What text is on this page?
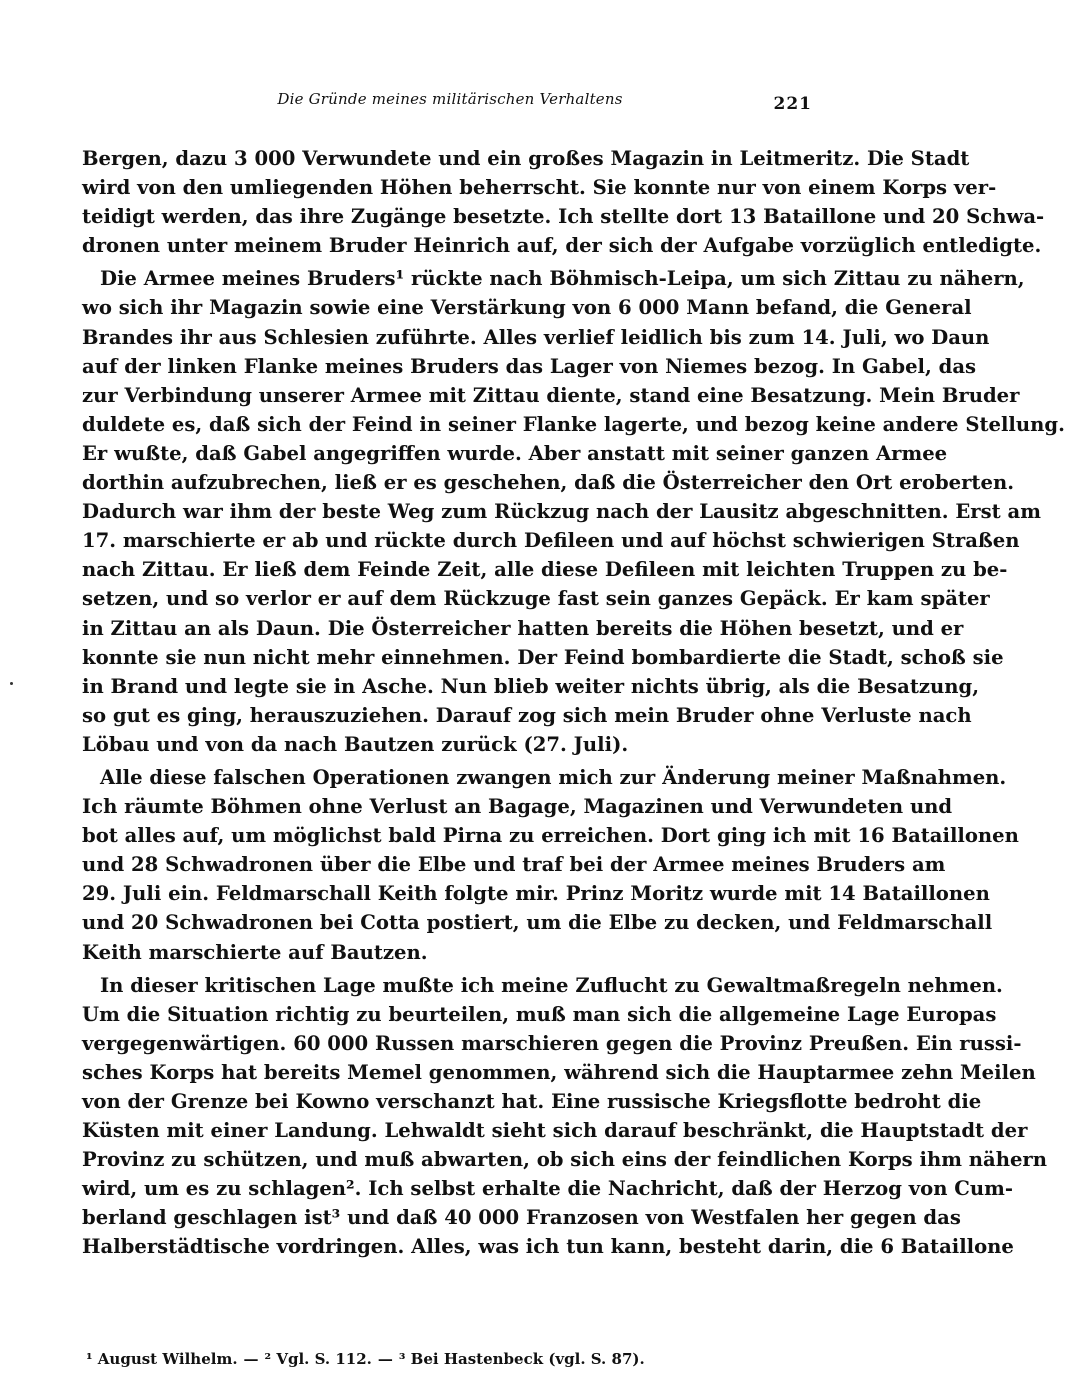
Die Gründe meines militärischen Verhaltens	221

Bergen, dazu 3 000 Verwundete und ein großes Magazin in Leitmeritz. Die Stadt
wird von den umliegenden Höhen beherrscht. Sie konnte nur von einem Korps ver-
teidigt werden, das ihre Zugänge besetzte. Ich stellte dort 13 Bataillone und 20 Schwa-
dronen unter meinem Bruder Heinrich auf, der sich der Aufgabe vorzüglich entledigte.

Die Armee meines Bruders¹ rückte nach Böhmisch-Leipa, um sich Zittau zu nähern,
wo sich ihr Magazin sowie eine Verstärkung von 6 000 Mann befand, die General
Brandes ihr aus Schlesien zuführte. Alles verlief leidlich bis zum 14. Juli, wo Daun
auf der linken Flanke meines Bruders das Lager von Niemes bezog. In Gabel, das
zur Verbindung unserer Armee mit Zittau diente, stand eine Besatzung. Mein Bruder
duldete es, daß sich der Feind in seiner Flanke lagerte, und bezog keine andere Stellung.
Er wußte, daß Gabel angegriffen wurde. Aber anstatt mit seiner ganzen Armee
dorthin aufzubrechen, ließ er es geschehen, daß die Österreicher den Ort eroberten.
Dadurch war ihm der beste Weg zum Rückzug nach der Lausitz abgeschnitten. Erst am
17. marschierte er ab und rückte durch Defileen und auf höchst schwierigen Straßen
nach Zittau. Er ließ dem Feinde Zeit, alle diese Defileen mit leichten Truppen zu be-
setzen, und so verlor er auf dem Rückzuge fast sein ganzes Gepäck. Er kam später
in Zittau an als Daun. Die Österreicher hatten bereits die Höhen besetzt, und er
konnte sie nun nicht mehr einnehmen. Der Feind bombardierte die Stadt, schoß sie
in Brand und legte sie in Asche. Nun blieb weiter nichts übrig, als die Besatzung,
so gut es ging, herauszuziehen. Darauf zog sich mein Bruder ohne Verluste nach
Löbau und von da nach Bautzen zurück (27. Juli).

Alle diese falschen Operationen zwangen mich zur Änderung meiner Maßnahmen.
Ich räumte Böhmen ohne Verlust an Bagage, Magazinen und Verwundeten und
bot alles auf, um möglichst bald Pirna zu erreichen. Dort ging ich mit 16 Bataillonen
und 28 Schwadronen über die Elbe und traf bei der Armee meines Bruders am
29. Juli ein. Feldmarschall Keith folgte mir. Prinz Moritz wurde mit 14 Bataillonen
und 20 Schwadronen bei Cotta postiert, um die Elbe zu decken, und Feldmarschall
Keith marschierte auf Bautzen.

In dieser kritischen Lage mußte ich meine Zuflucht zu Gewaltmaßregeln nehmen.
Um die Situation richtig zu beurteilen, muß man sich die allgemeine Lage Europas
vergegenwärtigen. 60 000 Russen marschieren gegen die Provinz Preußen. Ein russi-
sches Korps hat bereits Memel genommen, während sich die Hauptarmee zehn Meilen
von der Grenze bei Kowno verschanzt hat. Eine russische Kriegsflotte bedroht die
Küsten mit einer Landung. Lehwaldt sieht sich darauf beschränkt, die Hauptstadt der
Provinz zu schützen, und muß abwarten, ob sich eins der feindlichen Korps ihm nähern
wird, um es zu schlagen². Ich selbst erhalte die Nachricht, daß der Herzog von Cum-
berland geschlagen ist³ und daß 40 000 Franzosen von Westfalen her gegen das
Halberstädtische vordringen. Alles, was ich tun kann, besteht darin, die 6 Bataillone

¹ August Wilhelm. — ² Vgl. S. 112. — ³ Bei Hastenbeck (vgl. S. 87).
